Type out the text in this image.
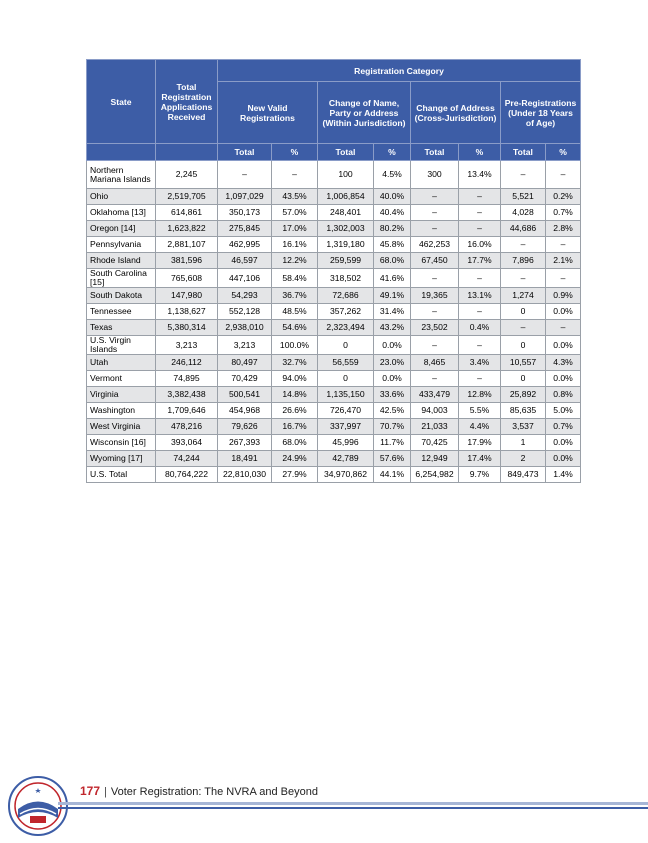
State	Total Registration Applications Received	Registration Category							
		New Valid Registrations		Change of Name, Party or Address (Within Jurisdiction)		Change of Address (Cross-Jurisdiction)		Pre-Registrations (Under 18 Years of Age)	
		Total	%	Total	%	Total	%	Total	%
Northern Mariana Islands	2,245	–	–	100	4.5%	300	13.4%	–	–
Ohio	2,519,705	1,097,029	43.5%	1,006,854	40.0%	–	–	5,521	0.2%
Oklahoma [13]	614,861	350,173	57.0%	248,401	40.4%	–	–	4,028	0.7%
Oregon [14]	1,623,822	275,845	17.0%	1,302,003	80.2%	–	–	44,686	2.8%
Pennsylvania	2,881,107	462,995	16.1%	1,319,180	45.8%	462,253	16.0%	–	–
Rhode Island	381,596	46,597	12.2%	259,599	68.0%	67,450	17.7%	7,896	2.1%
South Carolina [15]	765,608	447,106	58.4%	318,502	41.6%	–	–	–	–
South Dakota	147,980	54,293	36.7%	72,686	49.1%	19,365	13.1%	1,274	0.9%
Tennessee	1,138,627	552,128	48.5%	357,262	31.4%	–	–	0	0.0%
Texas	5,380,314	2,938,010	54.6%	2,323,494	43.2%	23,502	0.4%	–	–
U.S. Virgin Islands	3,213	3,213	100.0%	0	0.0%	–	–	0	0.0%
Utah	246,112	80,497	32.7%	56,559	23.0%	8,465	3.4%	10,557	4.3%
Vermont	74,895	70,429	94.0%	0	0.0%	–	–	0	0.0%
Virginia	3,382,438	500,541	14.8%	1,135,150	33.6%	433,479	12.8%	25,892	0.8%
Washington	1,709,646	454,968	26.6%	726,470	42.5%	94,003	5.5%	85,635	5.0%
West Virginia	478,216	79,626	16.7%	337,997	70.7%	21,033	4.4%	3,537	0.7%
Wisconsin [16]	393,064	267,393	68.0%	45,996	11.7%	70,425	17.9%	1	0.0%
Wyoming [17]	74,244	18,491	24.9%	42,789	57.6%	12,949	17.4%	2	0.0%
U.S. Total	80,764,222	22,810,030	27.9%	34,970,862	44.1%	6,254,982	9.7%	849,473	1.4%
177 | Voter Registration: The NVRA and Beyond
